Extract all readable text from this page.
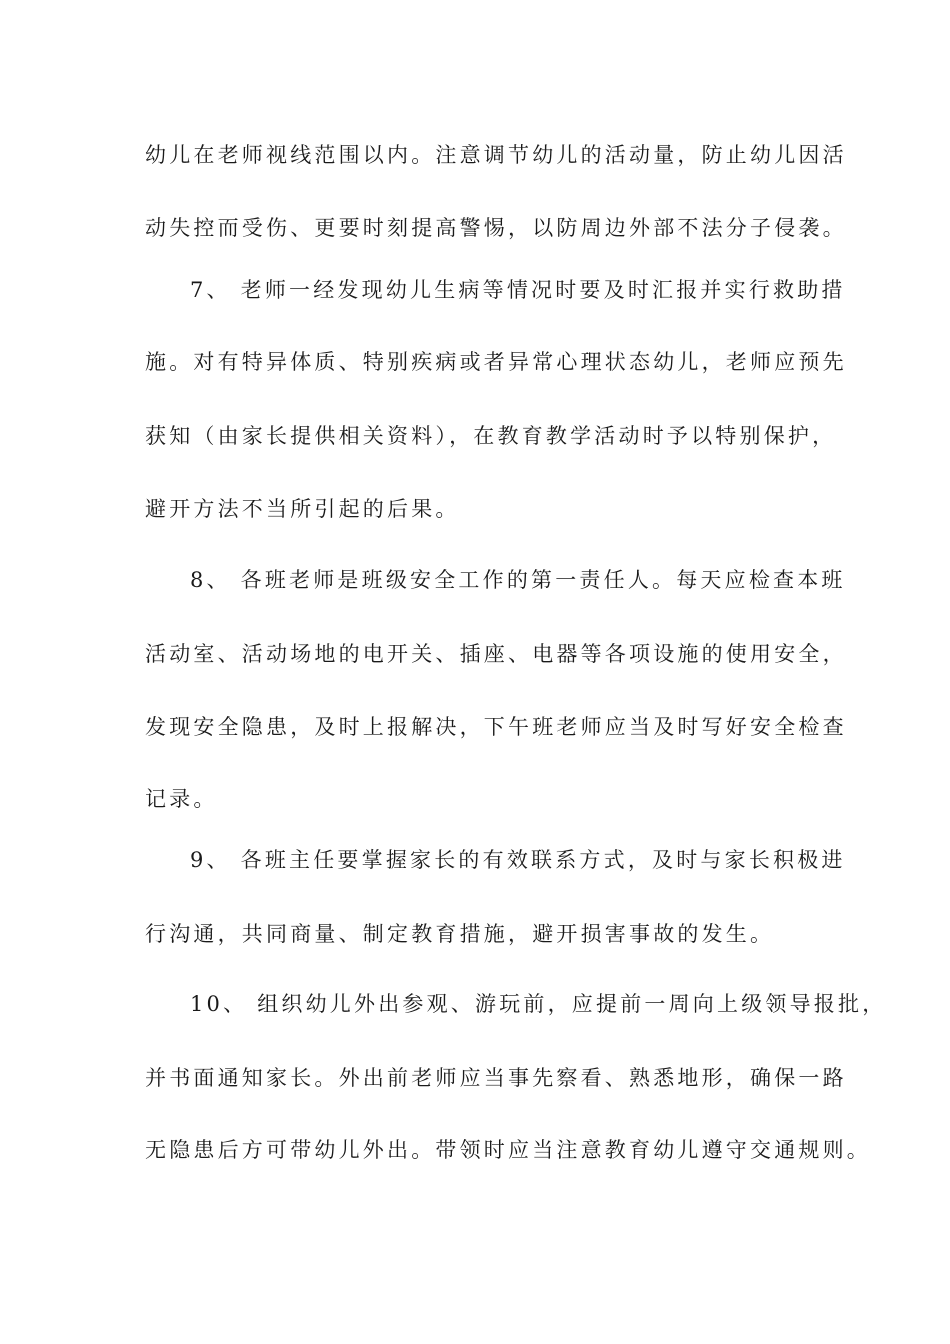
幼儿在老师视线范围以内。注意调节幼儿的活动量，防止幼儿因活
动失控而受伤、更要时刻提高警惕，以防周边外部不法分子侵袭。
7、 老师一经发现幼儿生病等情况时要及时汇报并实行救助措
施。对有特异体质、特别疾病或者异常心理状态幼儿，老师应预先
获知（由家长提供相关资料），在教育教学活动时予以特别保护，
避开方法不当所引起的后果。
8、 各班老师是班级安全工作的第一责任人。每天应检查本班
活动室、活动场地的电开关、插座、电器等各项设施的使用安全，
发现安全隐患，及时上报解决，下午班老师应当及时写好安全检查
记录。
9、 各班主任要掌握家长的有效联系方式，及时与家长积极进
行沟通，共同商量、制定教育措施，避开损害事故的发生。
10、 组织幼儿外出参观、游玩前，应提前一周向上级领导报批，
并书面通知家长。外出前老师应当事先察看、熟悉地形，确保一路
无隐患后方可带幼儿外出。带领时应当注意教育幼儿遵守交通规则。
